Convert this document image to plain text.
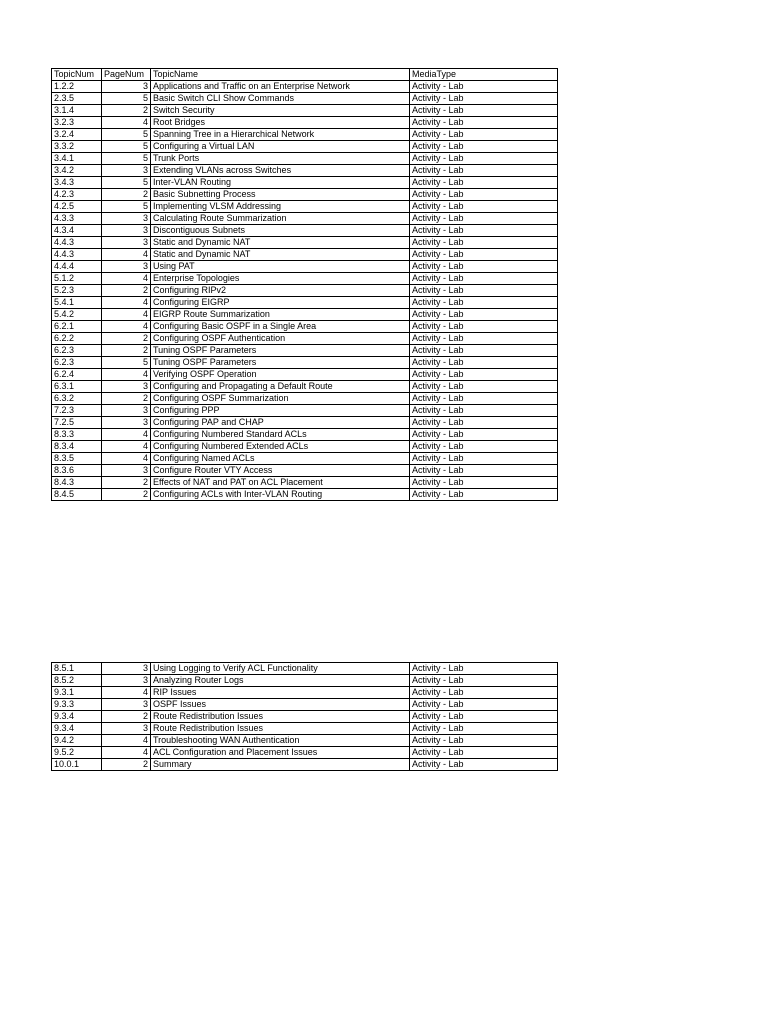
TopicNum	PageNum	TopicName	MediaType
1.2.2	3	Applications and Traffic on an Enterprise Network	Activity - Lab
2.3.5	5	Basic Switch CLI Show Commands	Activity - Lab
3.1.4	2	Switch Security	Activity - Lab
3.2.3	4	Root Bridges	Activity - Lab
3.2.4	5	Spanning Tree in a Hierarchical Network	Activity - Lab
3.3.2	5	Configuring a Virtual LAN	Activity - Lab
3.4.1	5	Trunk Ports	Activity - Lab
3.4.2	3	Extending VLANs across Switches	Activity - Lab
3.4.3	5	Inter-VLAN Routing	Activity - Lab
4.2.3	2	Basic Subnetting Process	Activity - Lab
4.2.5	5	Implementing VLSM Addressing	Activity - Lab
4.3.3	3	Calculating Route Summarization	Activity - Lab
4.3.4	3	Discontiguous Subnets	Activity - Lab
4.4.3	3	Static and Dynamic NAT	Activity - Lab
4.4.3	4	Static and Dynamic NAT	Activity - Lab
4.4.4	3	Using PAT	Activity - Lab
5.1.2	4	Enterprise Topologies	Activity - Lab
5.2.3	2	Configuring RIPv2	Activity - Lab
5.4.1	4	Configuring EIGRP	Activity - Lab
5.4.2	4	EIGRP Route Summarization	Activity - Lab
6.2.1	4	Configuring Basic OSPF in a Single Area	Activity - Lab
6.2.2	2	Configuring OSPF Authentication	Activity - Lab
6.2.3	2	Tuning OSPF Parameters	Activity - Lab
6.2.3	5	Tuning OSPF Parameters	Activity - Lab
6.2.4	4	Verifying OSPF Operation	Activity - Lab
6.3.1	3	Configuring and Propagating a Default Route	Activity - Lab
6.3.2	2	Configuring OSPF Summarization	Activity - Lab
7.2.3	3	Configuring PPP	Activity - Lab
7.2.5	3	Configuring PAP and CHAP	Activity - Lab
8.3.3	4	Configuring Numbered Standard ACLs	Activity - Lab
8.3.4	4	Configuring Numbered Extended ACLs	Activity - Lab
8.3.5	4	Configuring Named ACLs	Activity - Lab
8.3.6	3	Configure Router VTY Access	Activity - Lab
8.4.3	2	Effects of NAT and PAT on ACL Placement	Activity - Lab
8.4.5	2	Configuring ACLs with Inter-VLAN Routing	Activity - Lab
8.5.1	3	Using Logging to Verify ACL Functionality	Activity - Lab
8.5.2	3	Analyzing Router Logs	Activity - Lab
9.3.1	4	RIP Issues	Activity - Lab
9.3.3	3	OSPF Issues	Activity - Lab
9.3.4	2	Route Redistribution Issues	Activity - Lab
9.3.4	3	Route Redistribution Issues	Activity - Lab
9.4.2	4	Troubleshooting WAN Authentication	Activity - Lab
9.5.2	4	ACL Configuration and Placement Issues	Activity - Lab
10.0.1	2	Summary	Activity - Lab
